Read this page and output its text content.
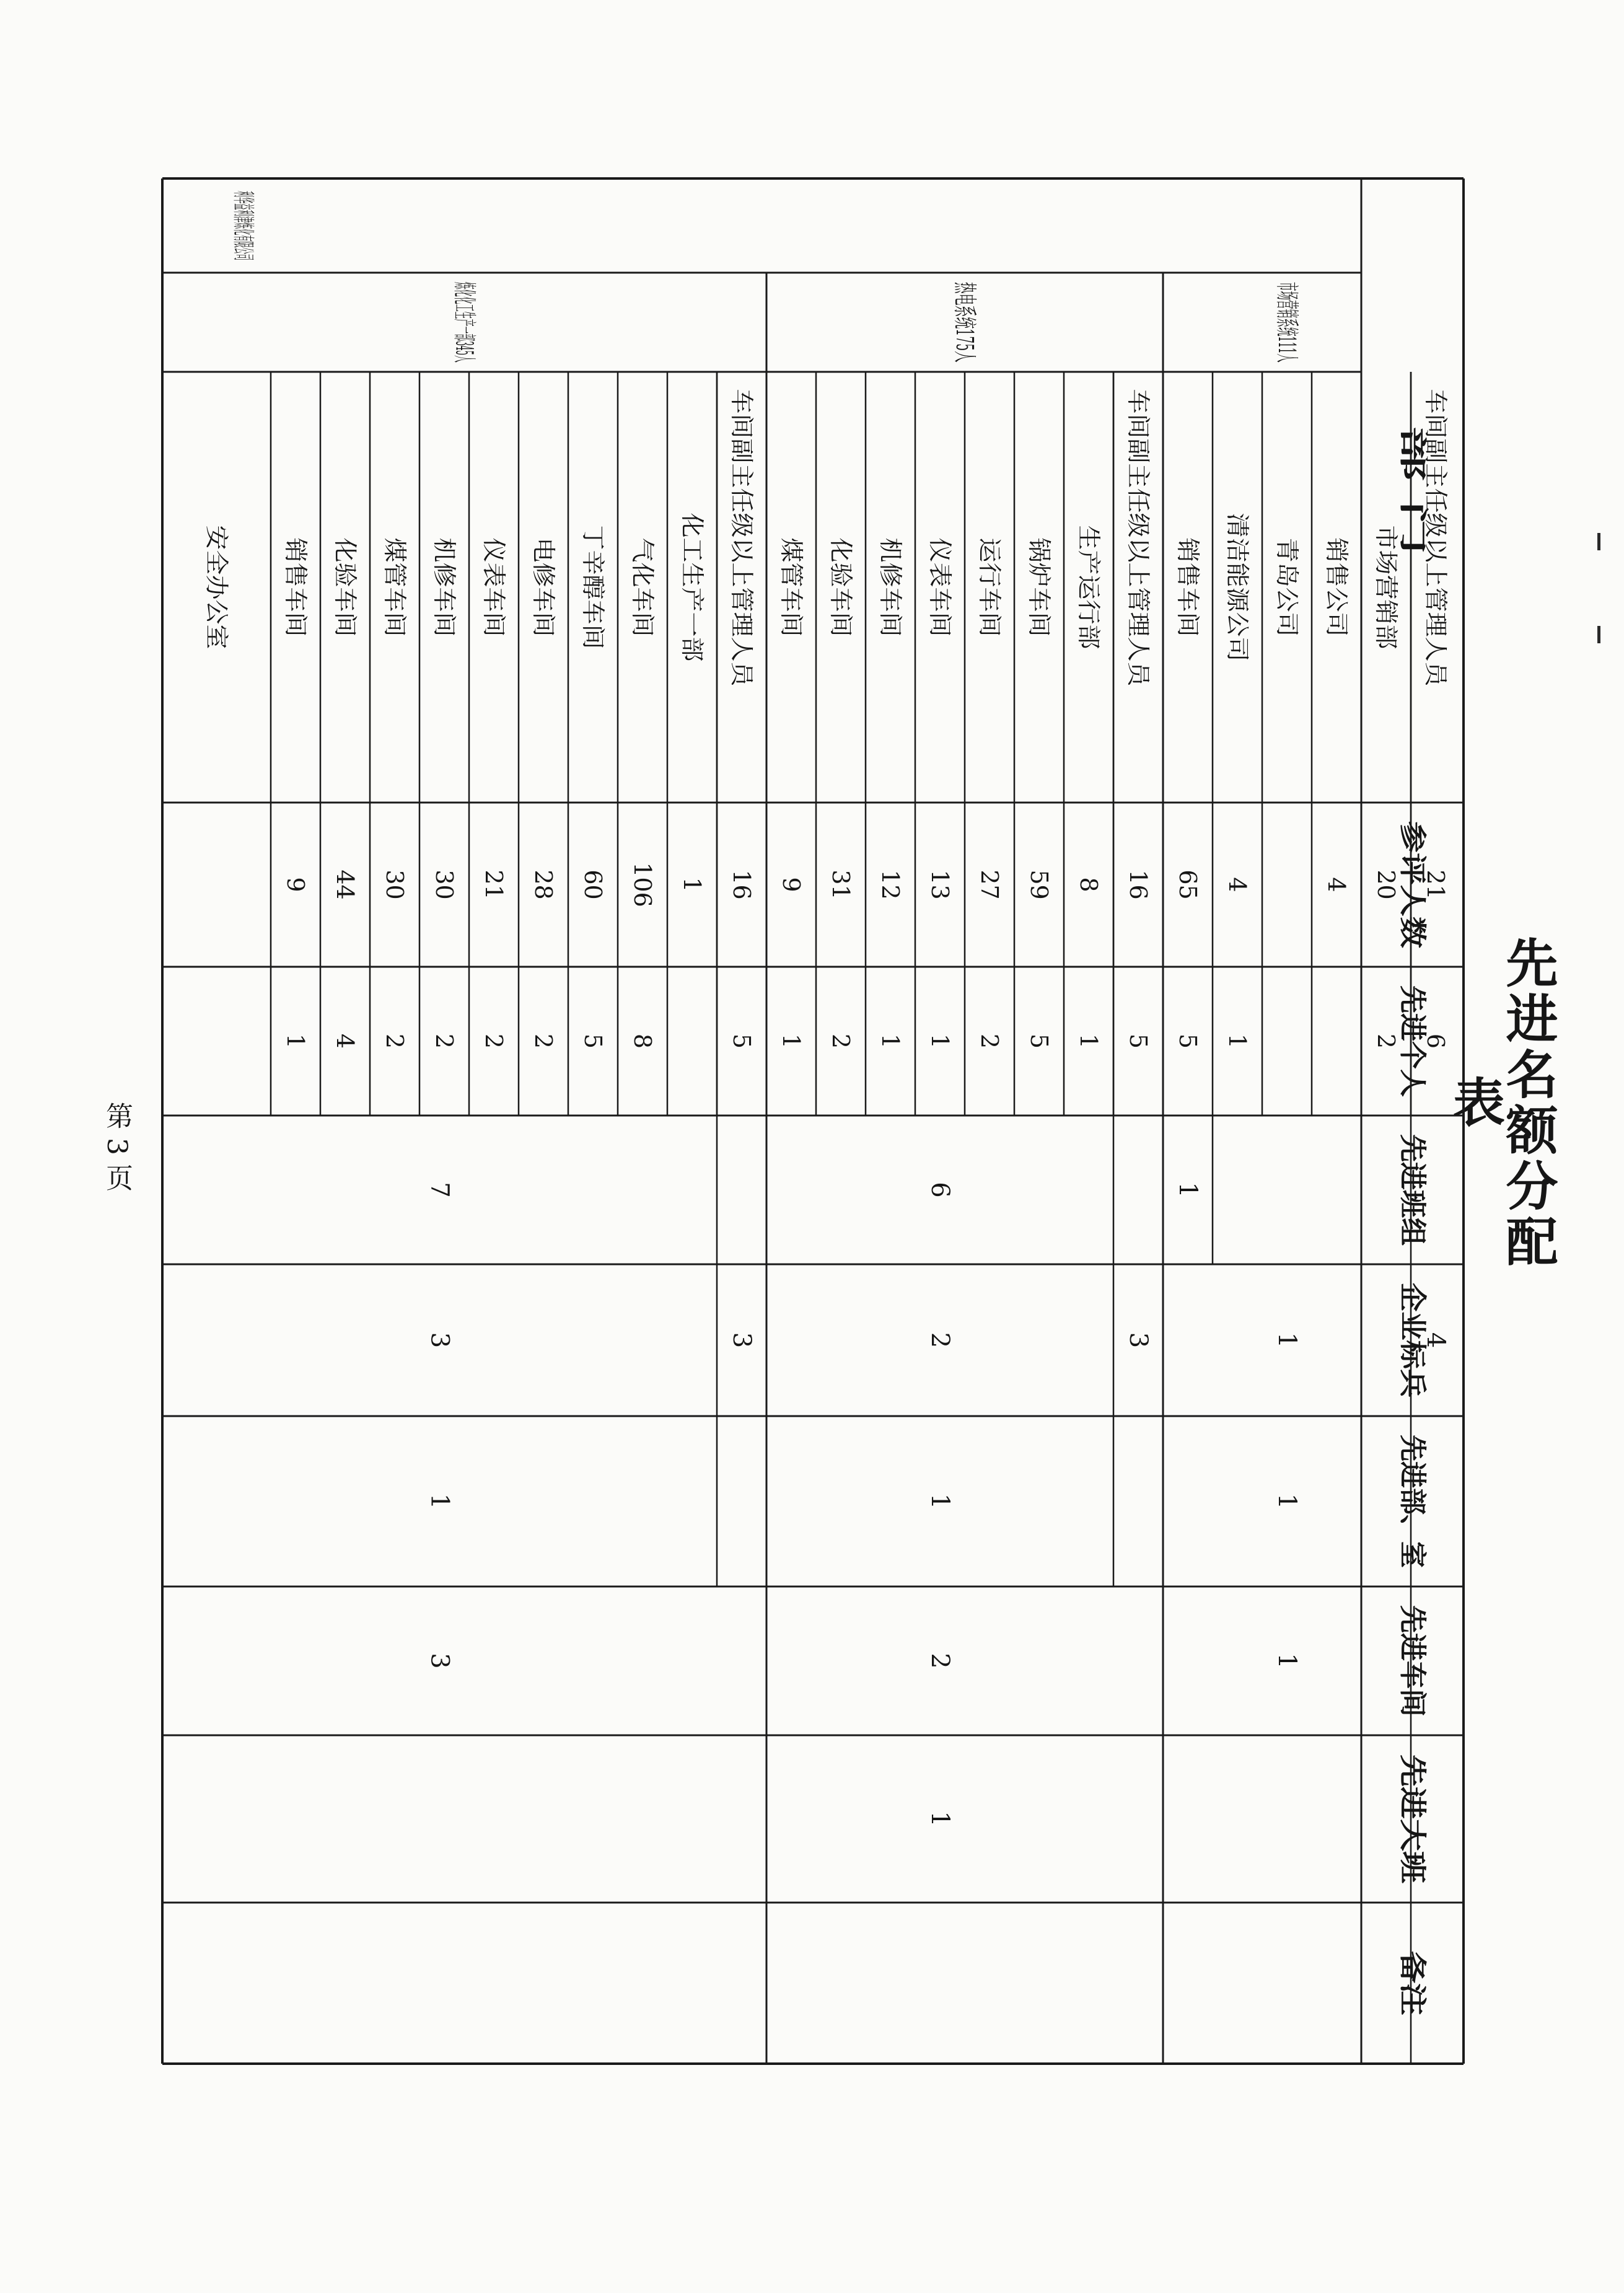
先进名额分配表
第 3 页
部 门
参评人数
先进个人
先进班组
企业标兵
先进部、室
先进车间
先进大班
备注
利华益利津炼化有限公司	市场营销系统111人
热电系统175人
炼化化工生产一部345人	车间副主任级以上管理人员
21
6
市场营销部
20
2
销售公司
4
青岛公司
清洁能源公司
4
1
销售车间
65
5
车间副主任级以上管理人员
16
5
生产运行部
8
1
锅炉车间
59
5
运行车间
27
2
仪表车间
13
1
机修车间
12
1
化验车间
31
2
煤管车间
9
1
车间副主任级以上管理人员
16
5
化工生产一部
1
气化车间
106
8
丁辛醇车间
60
5
电修车间
28
2
仪表车间
21
2
机修车间
30
2
煤管车间
30
2
化验车间
44
4
销售车间
9
1
安全办公室
4
1
1
1
1
3
6
2
1
2
1
3
7
3
1
3
